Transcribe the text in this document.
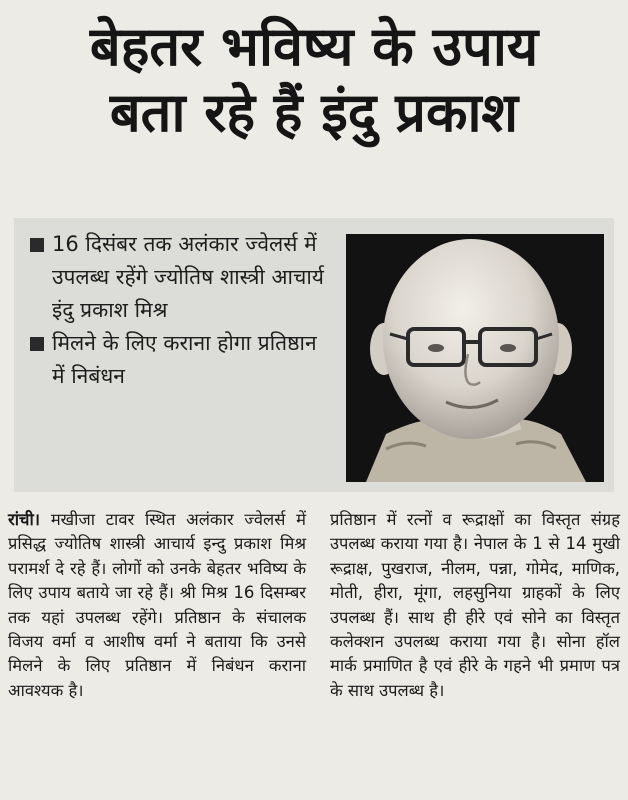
बेहतर भविष्य के उपाय
बता रहे हैं इंदु प्रकाश
16 दिसंबर तक अलंकार ज्वेलर्स में उपलब्ध रहेंगे ज्योतिष शास्त्री आचार्य इंदु प्रकाश मिश्र
मिलने के लिए कराना होगा प्रतिष्ठान में निबंधन
रांची। मखीजा टावर स्थित अलंकार ज्वेलर्स में प्रसिद्ध ज्योतिष शास्त्री आचार्य इन्दु प्रकाश मिश्र परामर्श दे रहे हैं। लोगों को उनके बेहतर भविष्य के लिए उपाय बताये जा रहे हैं। श्री मिश्र 16 दिसम्बर तक यहां उपलब्ध रहेंगे। प्रतिष्ठान के संचालक विजय वर्मा व आशीष वर्मा ने बताया कि उनसे मिलने के लिए प्रतिष्ठान में निबंधन कराना आवश्यक है।
प्रतिष्ठान में रत्नों व रूद्राक्षों का विस्तृत संग्रह उपलब्ध कराया गया है। नेपाल के 1 से 14 मुखी रूद्राक्ष, पुखराज, नीलम, पन्ना, गोमेद, माणिक, मोती, हीरा, मूंगा, लहसुनिया ग्राहकों के लिए उपलब्ध हैं। साथ ही हीरे एवं सोने का विस्तृत कलेक्शन उपलब्ध कराया गया है। सोना हॉल मार्क प्रमाणित है एवं हीरे के गहने भी प्रमाण पत्र के साथ उपलब्ध है।
